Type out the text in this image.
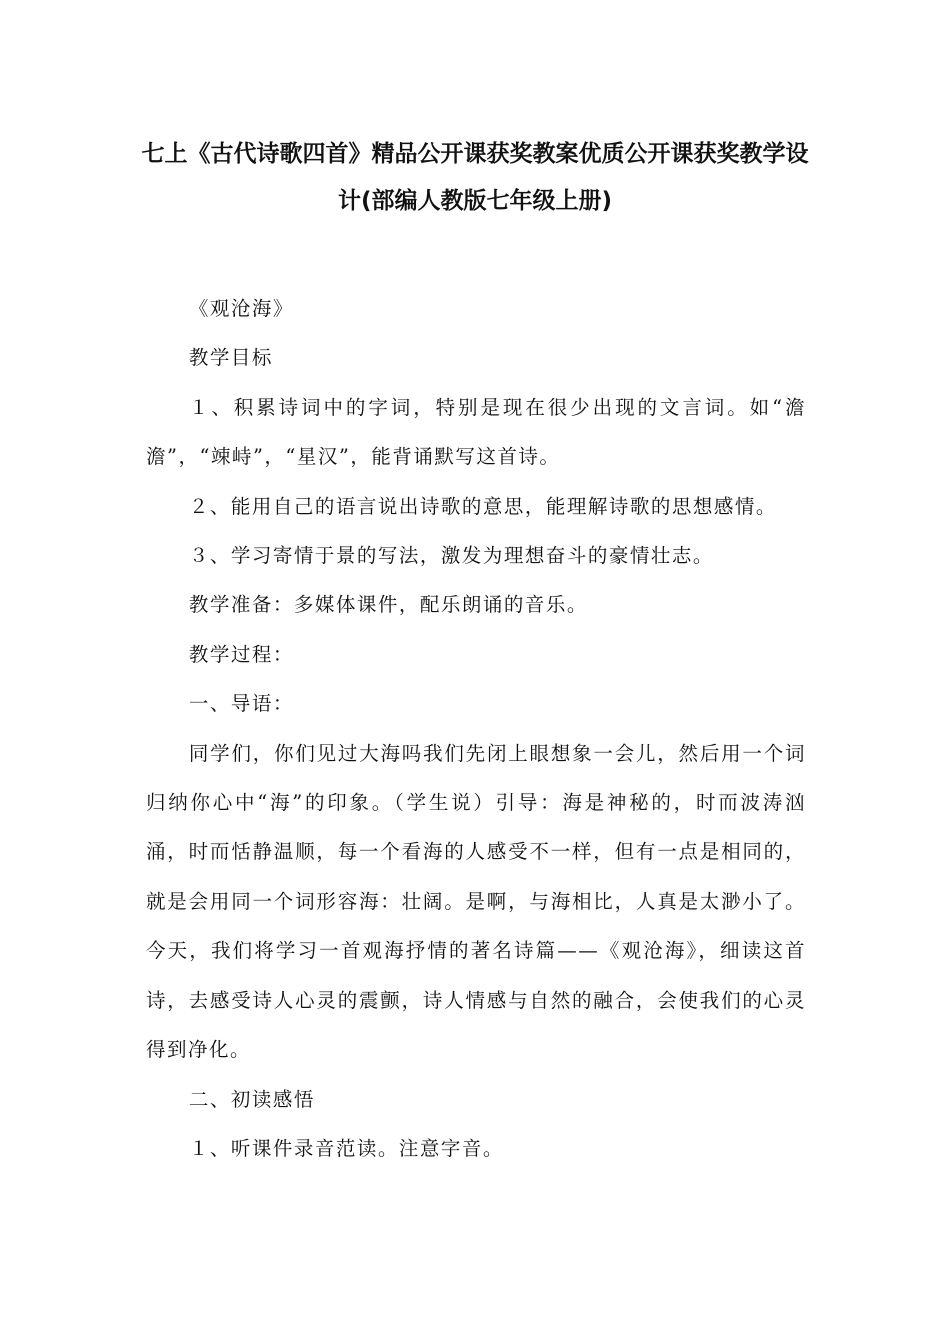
七上《古代诗歌四首》精品公开课获奖教案优质公开课获奖教学设
计(部编人教版七年级上册)

《观沧海》

教学目标

１、积累诗词中的字词，特别是现在很少出现的文言词。如“澹澹”，“竦峙”，“星汉”，能背诵默写这首诗。

２、能用自己的语言说出诗歌的意思，能理解诗歌的思想感情。

３、学习寄情于景的写法，激发为理想奋斗的豪情壮志。

教学准备：多媒体课件，配乐朗诵的音乐。

教学过程：

一、导语：

同学们，你们见过大海吗我们先闭上眼想象一会儿，然后用一个词归纳你心中“海”的印象。（学生说）引导：海是神秘的，时而波涛汹涌，时而恬静温顺，每一个看海的人感受不一样，但有一点是相同的，就是会用同一个词形容海：壮阔。是啊，与海相比，人真是太渺小了。今天，我们将学习一首观海抒情的著名诗篇——《观沧海》，细读这首诗，去感受诗人心灵的震颤，诗人情感与自然的融合，会使我们的心灵得到净化。

二、初读感悟

１、听课件录音范读。注意字音。
